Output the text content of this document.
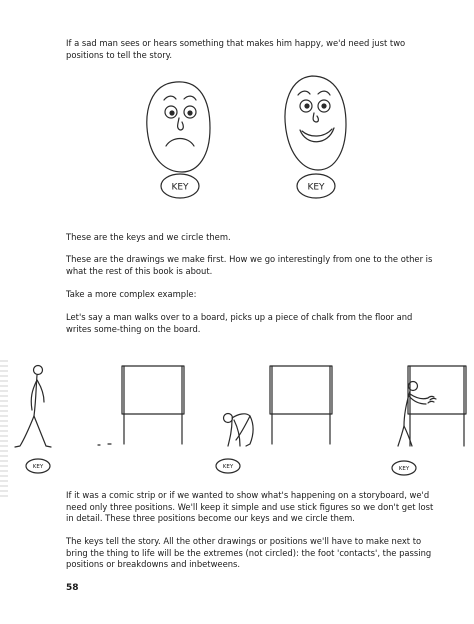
If a sad man sees or hears something that makes him happy, we'd need just two positions to tell the story.

KEY	KEY
KEY	KEY	KEY

These are the keys and we circle them.

These are the drawings we make first. How we go interestingly from one to the other is what the rest of this book is about.

Take a more complex example:

Let's say a man walks over to a board, picks up a piece of chalk from the floor and writes some-thing on the board.

If it was a comic strip or if we wanted to show what's happening on a storyboard, we'd need only three positions. We'll keep it simple and use stick figures so we don't get lost in detail. These three positions become our keys and we circle them.

The keys tell the story. All the other drawings or positions we'll have to make next to bring the thing to life will be the extremes (not circled): the foot 'contacts', the passing positions or breakdowns and inbetweens.

58
